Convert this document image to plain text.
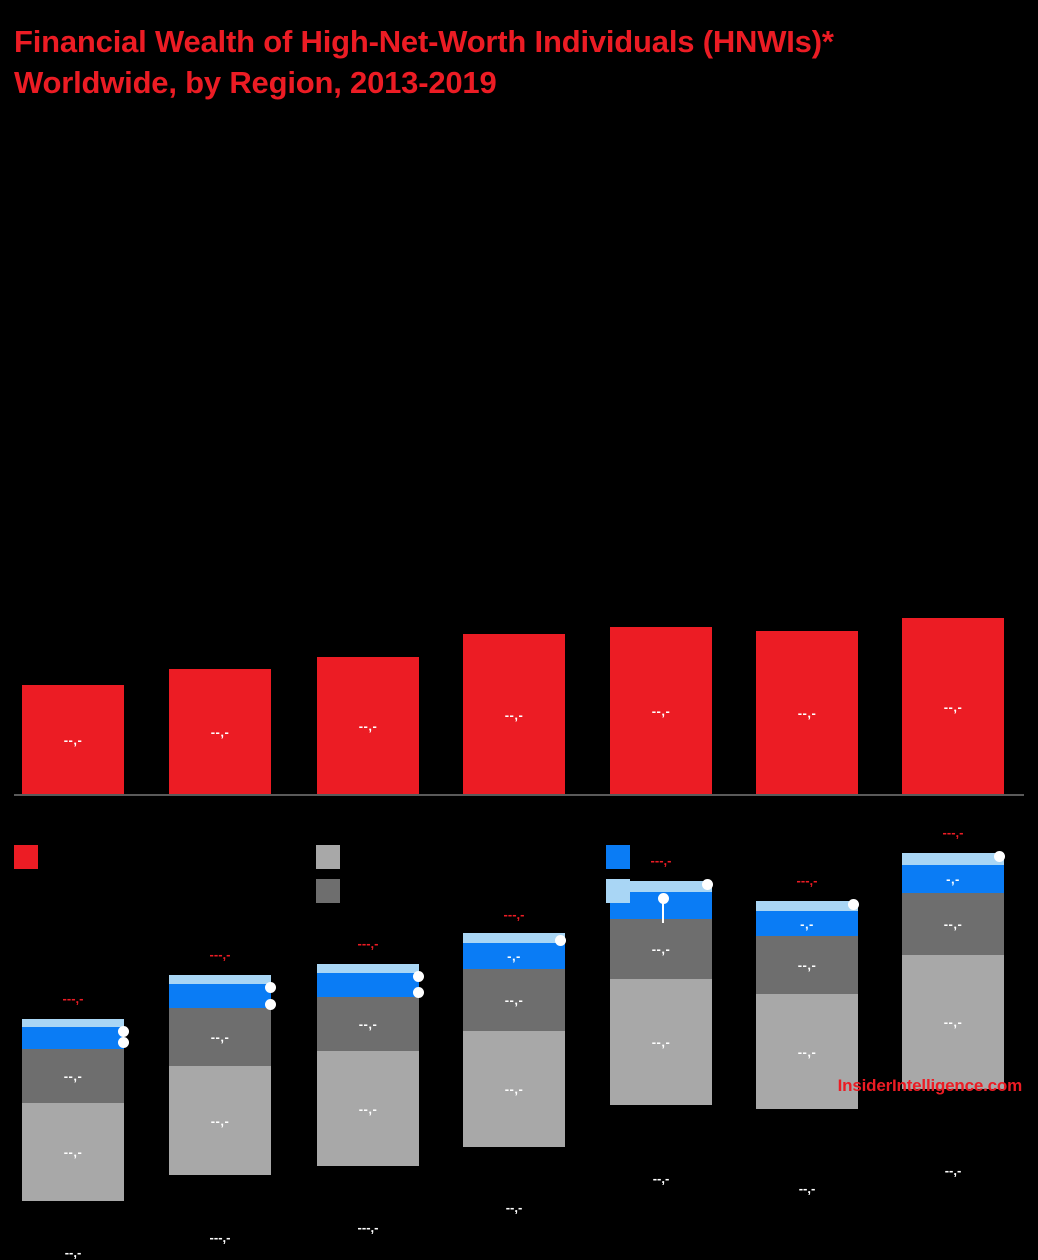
Financial Wealth of High-Net-Worth Individuals (HNWIs)* Worldwide, by Region, 2013-2019
---,-
--,-
--,-
--,-
--,-
---,-
--,-
--,-
---,-
--,-
---,-
--,-
--,-
---,-
--,-
---,-
-,-
--,-
--,-
--,-
--,-
---,-
--,-
--,-
--,-
--,-
---,-
-,-
--,-
--,-
--,-
--,-
---,-
-,-
--,-
--,-
--,-
--,-
InsiderIntelligence.com
